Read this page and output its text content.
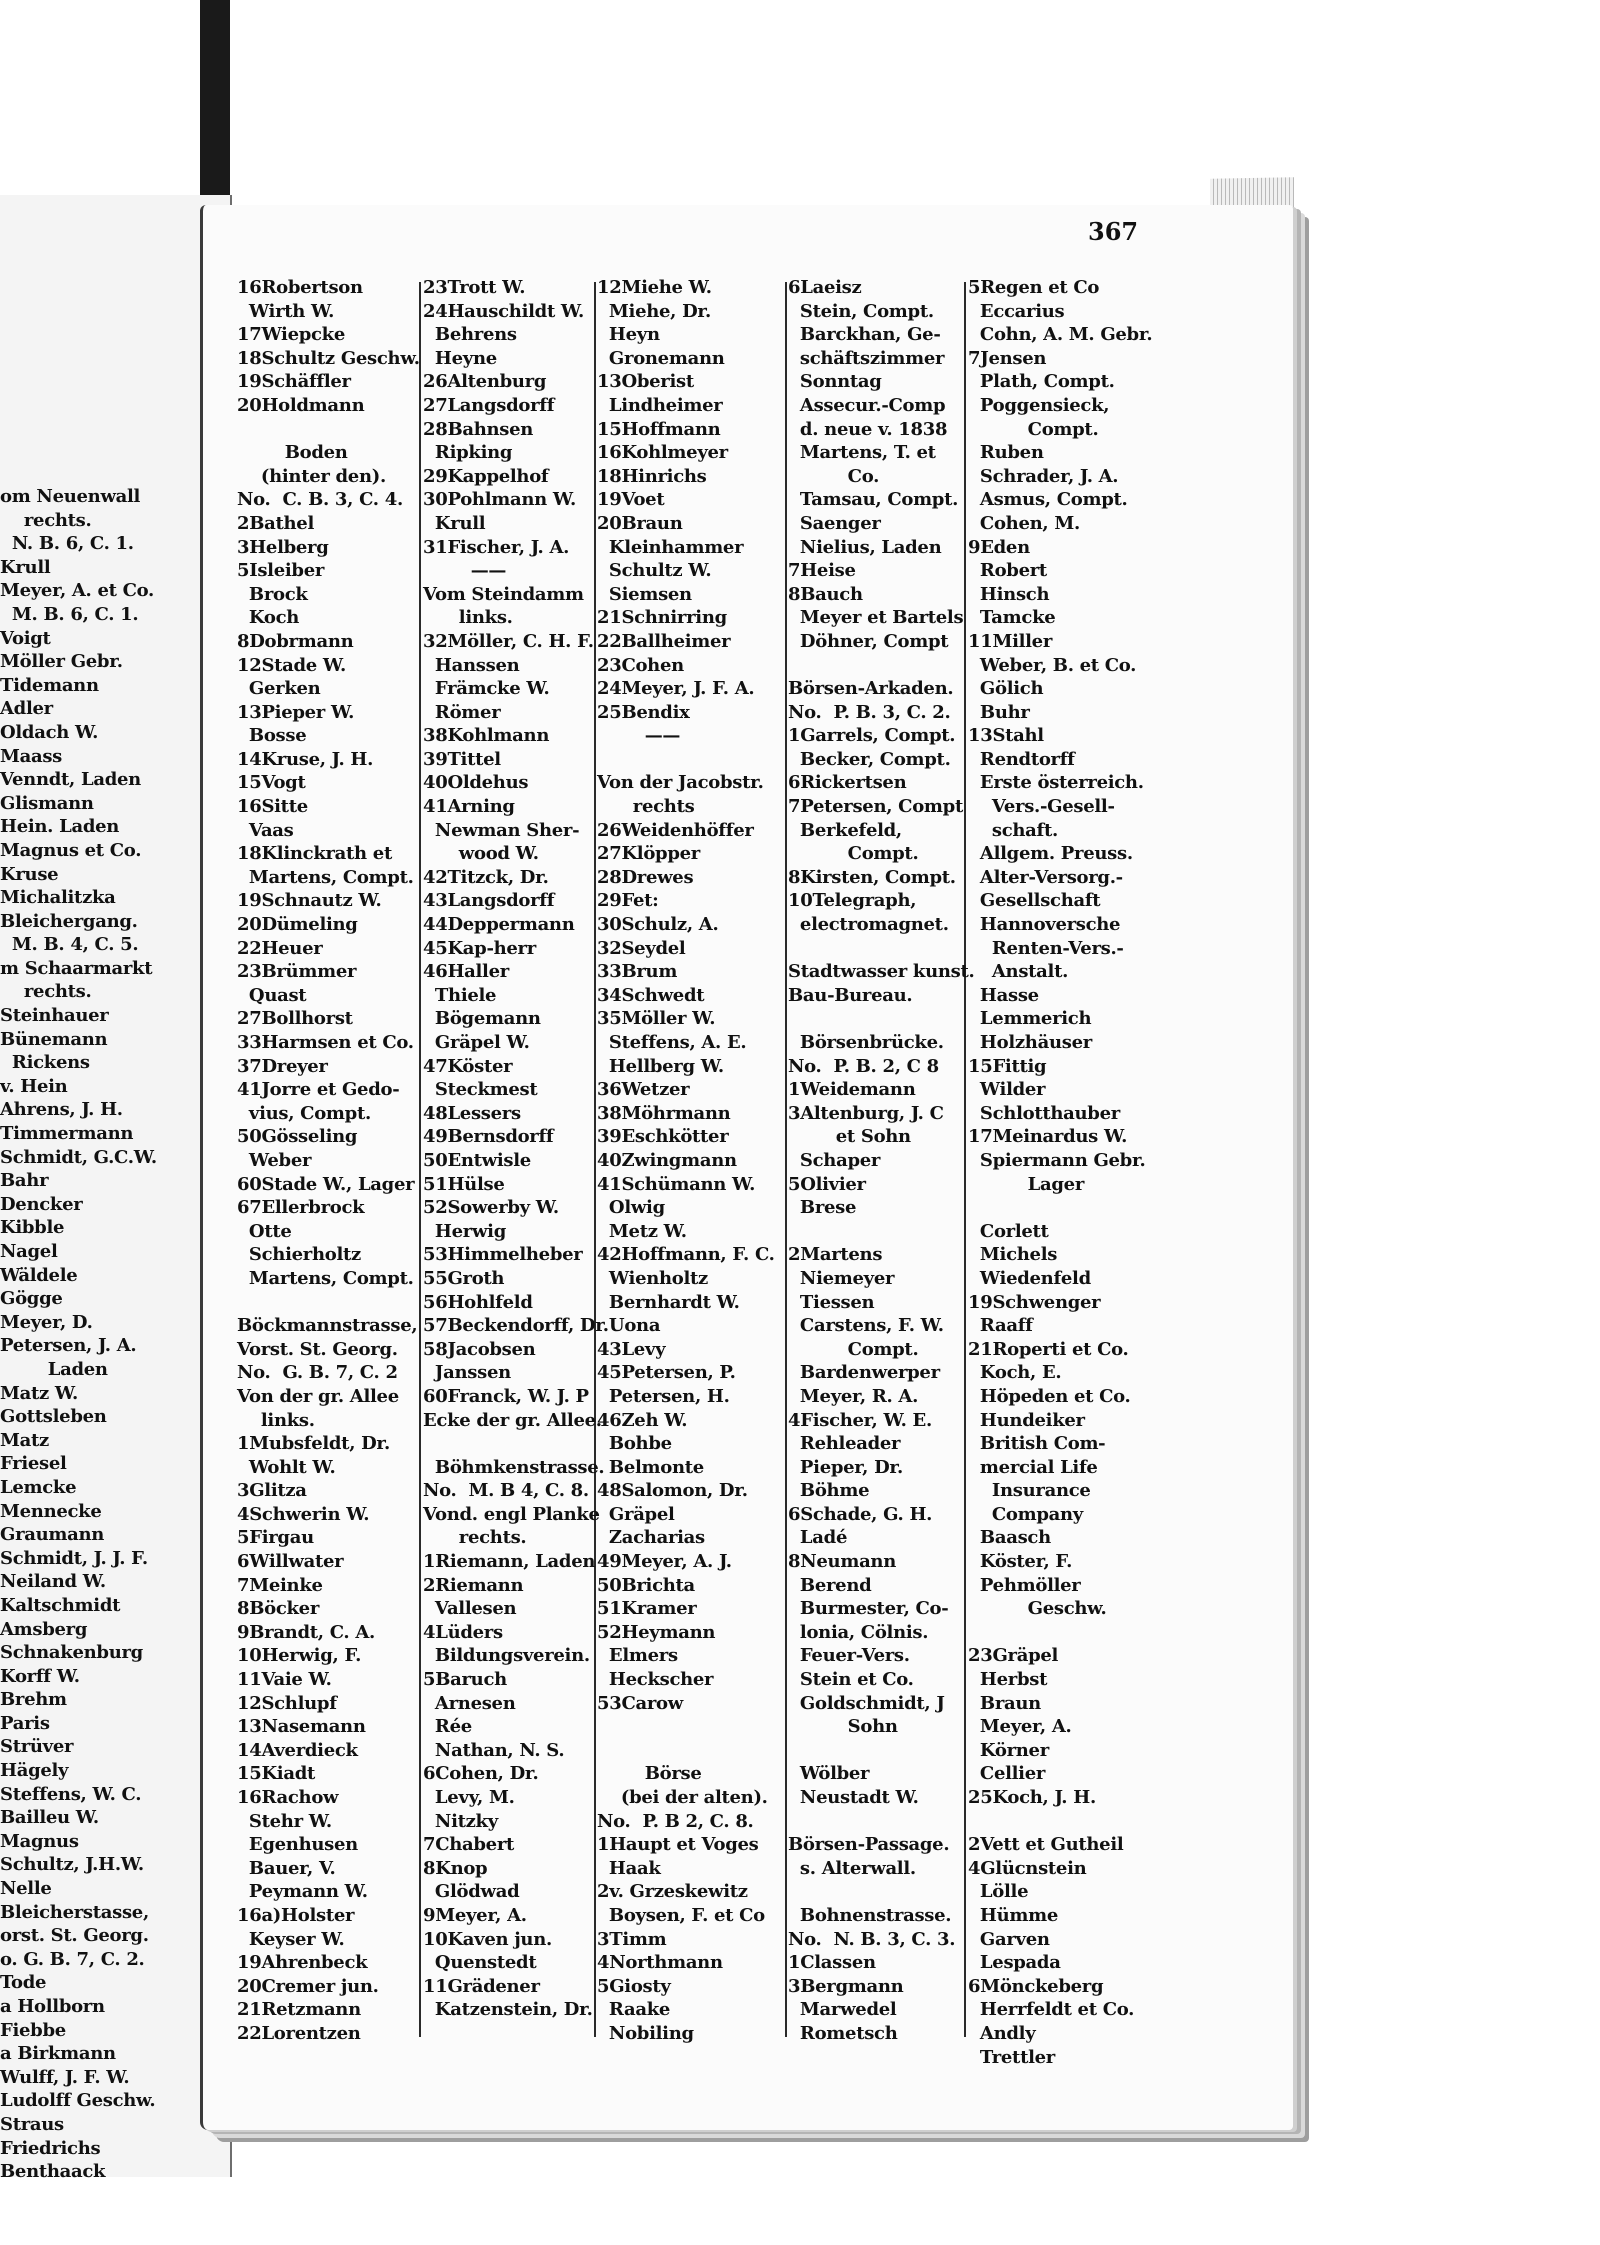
om Neuenwall
rechts.
N. B. 6, C. 1.
Krull
Meyer, A. et Co.
M. B. 6, C. 1.
Voigt
Möller Gebr.
Tidemann
Adler
Oldach W.
Maass
Venndt, Laden
Glismann
Hein. Laden
Magnus et Co.
Kruse
Michalitzka
Bleichergang.
M. B. 4, C. 5.
m Schaarmarkt
rechts.
Steinhauer
Bünemann
Rickens
v. Hein
Ahrens, J. H.
Timmermann
Schmidt, G.C.W.
Bahr
Dencker
Kibble
Nagel
Wäldele
Gögge
Meyer, D.
Petersen, J. A.
Laden
Matz W.
Gottsleben
Matz
Friesel
Lemcke
Mennecke
Graumann
Schmidt, J. J. F.
Neiland W.
Kaltschmidt
Amsberg
Schnakenburg
Korff W.
Brehm
Paris
Strüver
Hägely
Steffens, W. C.
Bailleu W.
Magnus
Schultz, J.H.W.
Nelle
Bleicherstasse,
orst. St. Georg.
o. G. B. 7, C. 2.
Tode
a Hollborn
Fiebbe
a Birkmann
Wulff, J. F. W.
Ludolff Geschw.
Straus
Friedrichs
Benthaack
367
16Robertson
Wirth W.
17Wiepcke
18Schultz Geschw.
19Schäffler
20Holdmann
Boden
(hinter den).
No.  C. B. 3, C. 4.
2Bathel
3Helberg
5Isleiber
Brock
Koch
8Dobrmann
12Stade W.
Gerken
13Pieper W.
Bosse
14Kruse, J. H.
15Vogt
16Sitte
Vaas
18Klinckrath et
Martens, Compt.
19Schnautz W.
20Dümeling
22Heuer
23Brümmer
Quast
27Bollhorst
33Harmsen et Co.
37Dreyer
41Jorre et Gedo-
vius, Compt.
50Gösseling
Weber
60Stade W., Lager
67Ellerbrock
Otte
Schierholtz
Martens, Compt.
Böckmannstrasse,
Vorst. St. Georg.
No.  G. B. 7, C. 2
Von der gr. Allee
links.
1Mubsfeldt, Dr.
Wohlt W.
3Glitza
4Schwerin W.
5Firgau
6Willwater
7Meinke
8Böcker
9Brandt, C. A.
10Herwig, F.
11Vaie W.
12Schlupf
13Nasemann
14Averdieck
15Kiadt
16Rachow
Stehr W.
Egenhusen
Bauer, V.
Peymann W.
16a)Holster
Keyser W.
19Ahrenbeck
20Cremer jun.
21Retzmann
22Lorentzen
23Trott W.
24Hauschildt W.
Behrens
Heyne
26Altenburg
27Langsdorff
28Bahnsen
Ripking
29Kappelhof
30Pohlmann W.
Krull
31Fischer, J. A.
——
Vom Steindamm
links.
32Möller, C. H. F.
Hanssen
Främcke W.
Römer
38Kohlmann
39Tittel
40Oldehus
41Arning
Newman Sher-
wood W.
42Titzck, Dr.
43Langsdorff
44Deppermann
45Kap-herr
46Haller
Thiele
Bögemann
Gräpel W.
47Köster
Steckmest
48Lessers
49Bernsdorff
50Entwisle
51Hülse
52Sowerby W.
Herwig
53Himmelheber
55Groth
56Hohlfeld
57Beckendorff, Dr.
58Jacobsen
Janssen
60Franck, W. J. P
Ecke der gr. Allee.
Böhmkenstrasse.
No.  M. B 4, C. 8.
Vond. engl Planke
rechts.
1Riemann, Laden
2Riemann
Vallesen
4Lüders
Bildungsverein.
5Baruch
Arnesen
Rée
Nathan, N. S.
6Cohen, Dr.
Levy, M.
Nitzky
7Chabert
8Knop
Glödwad
9Meyer, A.
10Kaven jun.
Quenstedt
11Grädener
Katzenstein, Dr.
12Miehe W.
Miehe, Dr.
Heyn
Gronemann
13Oberist
Lindheimer
15Hoffmann
16Kohlmeyer
18Hinrichs
19Voet
20Braun
Kleinhammer
Schultz W.
Siemsen
21Schnirring
22Ballheimer
23Cohen
24Meyer, J. F. A.
25Bendix
——
Von der Jacobstr.
rechts
26Weidenhöffer
27Klöpper
28Drewes
29Fet:
30Schulz, A.
32Seydel
33Brum
34Schwedt
35Möller W.
Steffens, A. E.
Hellberg W.
36Wetzer
38Möhrmann
39Eschkötter
40Zwingmann
41Schümann W.
Olwig
Metz W.
42Hoffmann, F. C.
Wienholtz
Bernhardt W.
Uona
43Levy
45Petersen, P.
Petersen, H.
46Zeh W.
Bohbe
Belmonte
48Salomon, Dr.
Gräpel
Zacharias
49Meyer, A. J.
50Brichta
51Kramer
52Heymann
Elmers
Heckscher
53Carow
Börse
(bei der alten).
No.  P. B 2, C. 8.
1Haupt et Voges
Haak
2v. Grzeskewitz
Boysen, F. et Co
3Timm
4Northmann
5Giosty
Raake
Nobiling
6Laeisz
Stein, Compt.
Barckhan, Ge-
schäftszimmer
Sonntag
Assecur.-Comp
d. neue v. 1838
Martens, T. et
Co.
Tamsau, Compt.
Saenger
Nielius, Laden
7Heise
8Bauch
Meyer et Bartels
Döhner, Compt
Börsen-Arkaden.
No.  P. B. 3, C. 2.
1Garrels, Compt.
Becker, Compt.
6Rickertsen
7Petersen, Compt
Berkefeld,
Compt.
8Kirsten, Compt.
10Telegraph,
electromagnet.
Stadtwasser kunst.
Bau-Bureau.
Börsenbrücke.
No.  P. B. 2, C 8
1Weidemann
3Altenburg, J. C
et Sohn
Schaper
5Olivier
Brese
2Martens
Niemeyer
Tiessen
Carstens, F. W.
Compt.
Bardenwerper
Meyer, R. A.
4Fischer, W. E.
Rehleader
Pieper, Dr.
Böhme
6Schade, G. H.
Ladé
8Neumann
Berend
Burmester, Co-
lonia, Cölnis.
Feuer-Vers.
Stein et Co.
Goldschmidt, J
Sohn
Wölber
Neustadt W.
Börsen-Passage.
s. Alterwall.
Bohnenstrasse.
No.  N. B. 3, C. 3.
1Classen
3Bergmann
Marwedel
Rometsch
5Regen et Co
Eccarius
Cohn, A. M. Gebr.
7Jensen
Plath, Compt.
Poggensieck,
Compt.
Ruben
Schrader, J. A.
Asmus, Compt.
Cohen, M.
9Eden
Robert
Hinsch
Tamcke
11Miller
Weber, B. et Co.
Gölich
Buhr
13Stahl
Rendtorff
Erste österreich.
Vers.-Gesell-
schaft.
Allgem. Preuss.
Alter-Versorg.-
Gesellschaft
Hannoversche
Renten-Vers.-
Anstalt.
Hasse
Lemmerich
Holzhäuser
15Fittig
Wilder
Schlotthauber
17Meinardus W.
Spiermann Gebr.
Lager
Corlett
Michels
Wiedenfeld
19Schwenger
Raaff
21Roperti et Co.
Koch, E.
Höpeden et Co.
Hundeiker
British Com-
mercial Life
Insurance
Company
Baasch
Köster, F.
Pehmöller
Geschw.
23Gräpel
Herbst
Braun
Meyer, A.
Körner
Cellier
25Koch, J. H.
2Vett et Gutheil
4Glücnstein
Lölle
Hümme
Garven
Lespada
6Mönckeberg
Herrfeldt et Co.
Andly
Trettler
